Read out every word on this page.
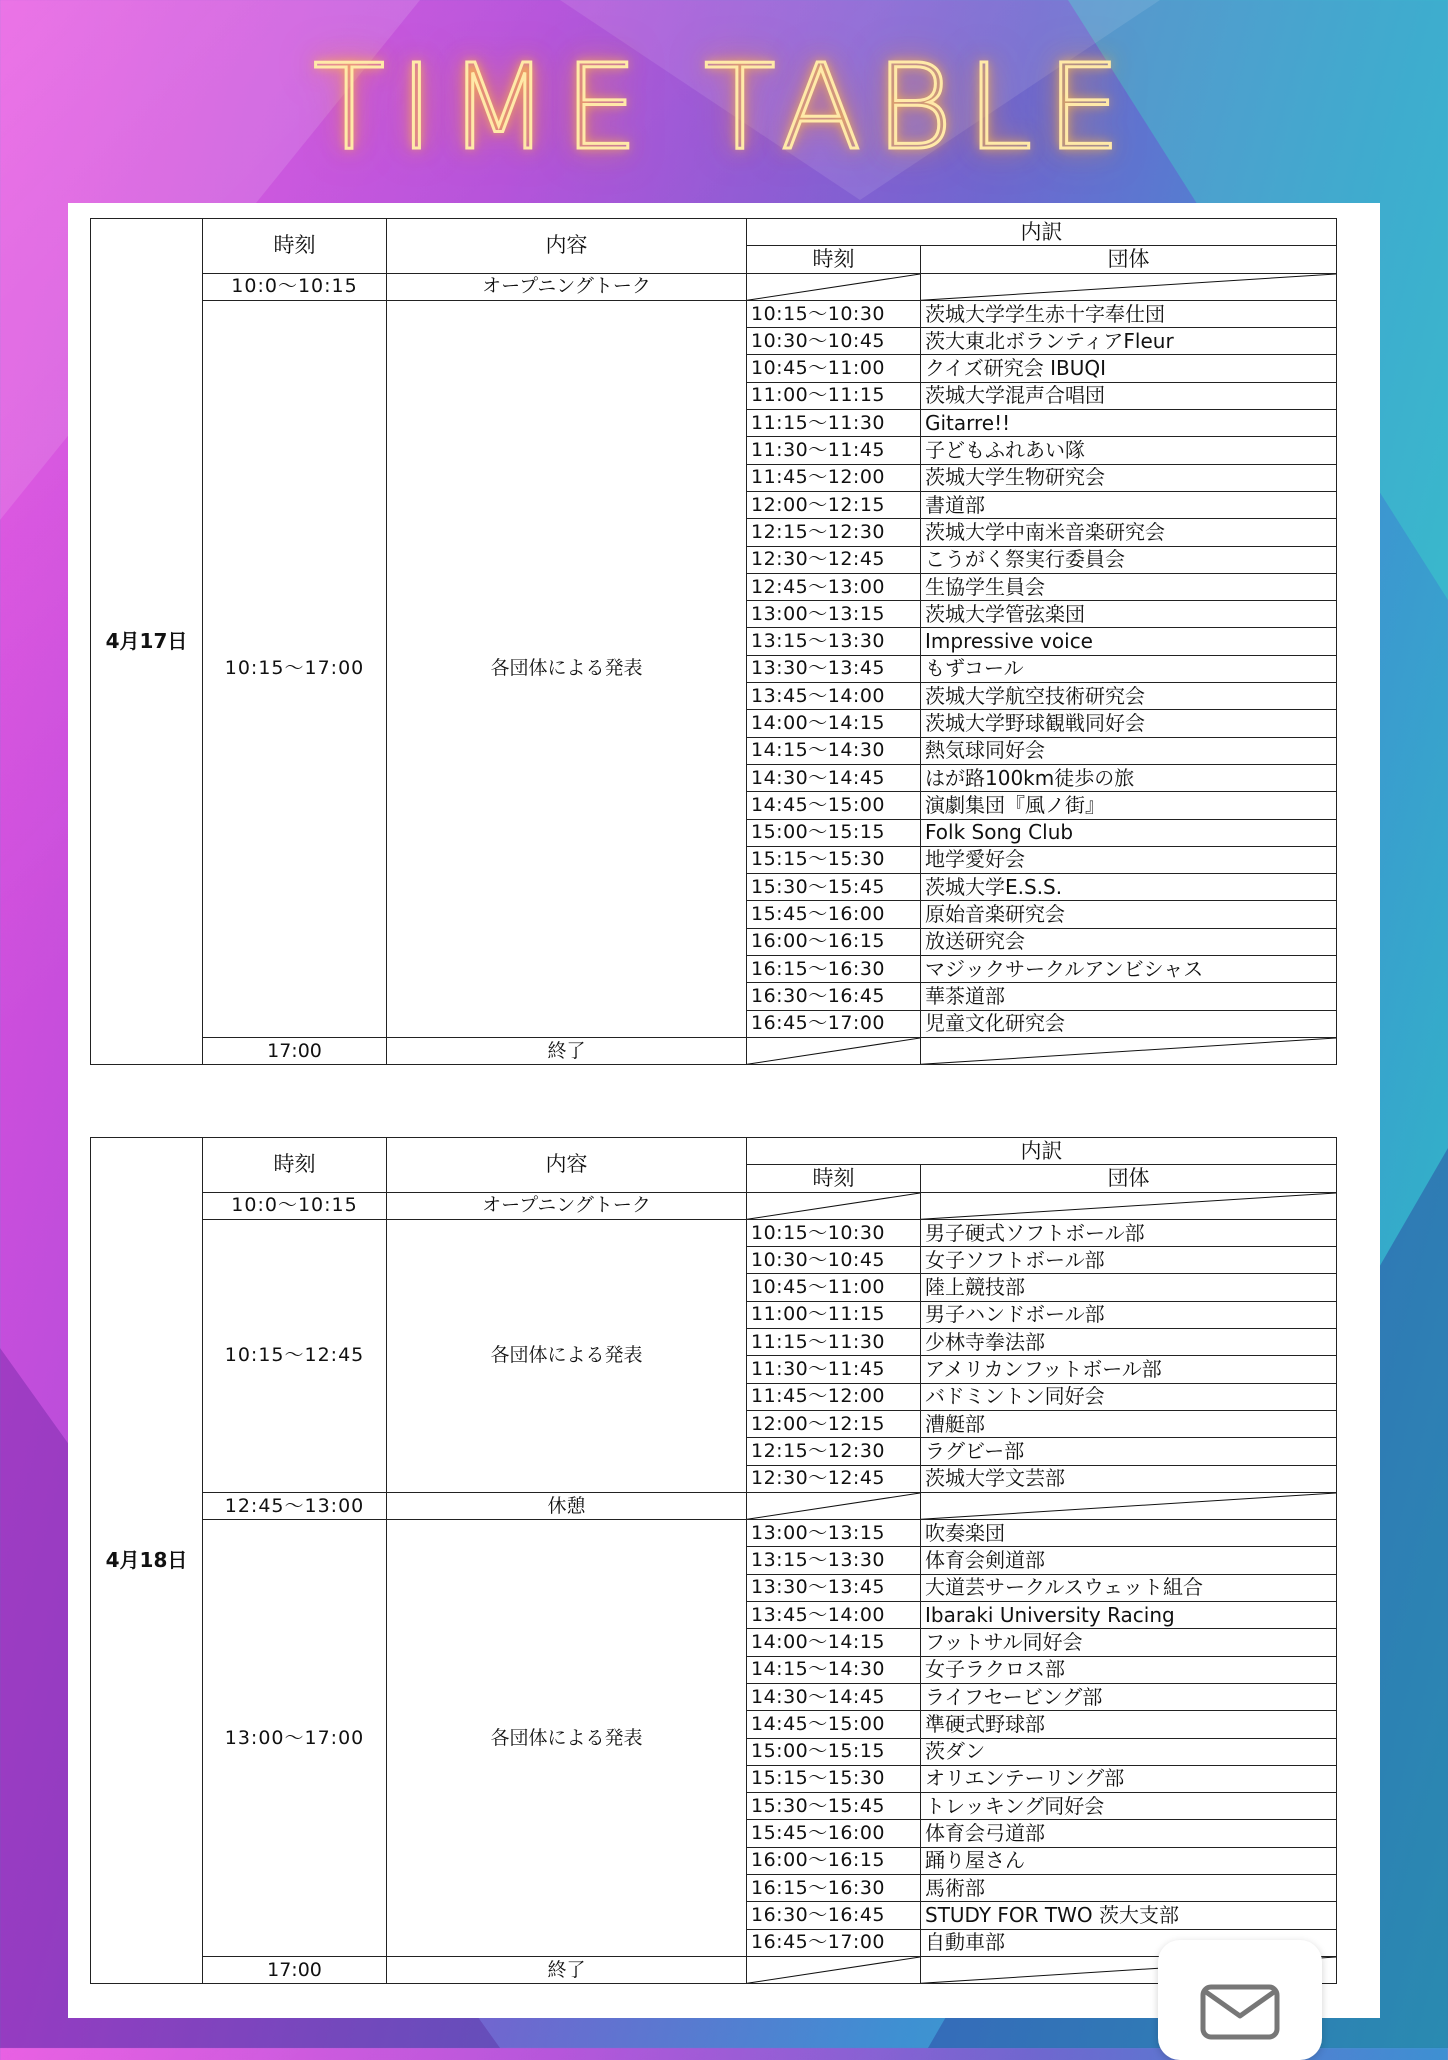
TIME TABLE
4月17日	時刻	内容	内訳	
			時刻	団体
	10:0〜10:15	オープニングトーク	

	10:15〜17:00	各団体による発表	10:15〜10:30	茨城大学学生赤十字奉仕団
			10:30〜10:45	茨大東北ボランティアFleur
			10:45〜11:00	クイズ研究会 IBUQI
			11:00〜11:15	茨城大学混声合唱団
			11:15〜11:30	Gitarre!!
			11:30〜11:45	子どもふれあい隊
			11:45〜12:00	茨城大学生物研究会
			12:00〜12:15	書道部
			12:15〜12:30	茨城大学中南米音楽研究会
			12:30〜12:45	こうがく祭実行委員会
			12:45〜13:00	生協学生員会
			13:00〜13:15	茨城大学管弦楽団
			13:15〜13:30	Impressive voice
			13:30〜13:45	もずコール
			13:45〜14:00	茨城大学航空技術研究会
			14:00〜14:15	茨城大学野球観戦同好会
			14:15〜14:30	熱気球同好会
			14:30〜14:45	はが路100km徒歩の旅
			14:45〜15:00	演劇集団『風ノ街』
			15:00〜15:15	Folk Song Club
			15:15〜15:30	地学愛好会
			15:30〜15:45	茨城大学E.S.S.
			15:45〜16:00	原始音楽研究会
			16:00〜16:15	放送研究会
			16:15〜16:30	マジックサークルアンビシャス
			16:30〜16:45	華茶道部
			16:45〜17:00	児童文化研究会
	17:00	終了	

4月18日	時刻	内容	内訳	
			時刻	団体
	10:0〜10:15	オープニングトーク	

	10:15〜12:45	各団体による発表	10:15〜10:30	男子硬式ソフトボール部
			10:30〜10:45	女子ソフトボール部
			10:45〜11:00	陸上競技部
			11:00〜11:15	男子ハンドボール部
			11:15〜11:30	少林寺拳法部
			11:30〜11:45	アメリカンフットボール部
			11:45〜12:00	バドミントン同好会
			12:00〜12:15	漕艇部
			12:15〜12:30	ラグビー部
			12:30〜12:45	茨城大学文芸部
	12:45〜13:00	休憩	

	13:00〜17:00	各団体による発表	13:00〜13:15	吹奏楽団
			13:15〜13:30	体育会剣道部
			13:30〜13:45	大道芸サークルスウェット組合
			13:45〜14:00	Ibaraki University Racing
			14:00〜14:15	フットサル同好会
			14:15〜14:30	女子ラクロス部
			14:30〜14:45	ライフセービング部
			14:45〜15:00	準硬式野球部
			15:00〜15:15	茨ダン
			15:15〜15:30	オリエンテーリング部
			15:30〜15:45	トレッキング同好会
			15:45〜16:00	体育会弓道部
			16:00〜16:15	踊り屋さん
			16:15〜16:30	馬術部
			16:30〜16:45	STUDY FOR TWO 茨大支部
			16:45〜17:00	自動車部
	17:00	終了	
